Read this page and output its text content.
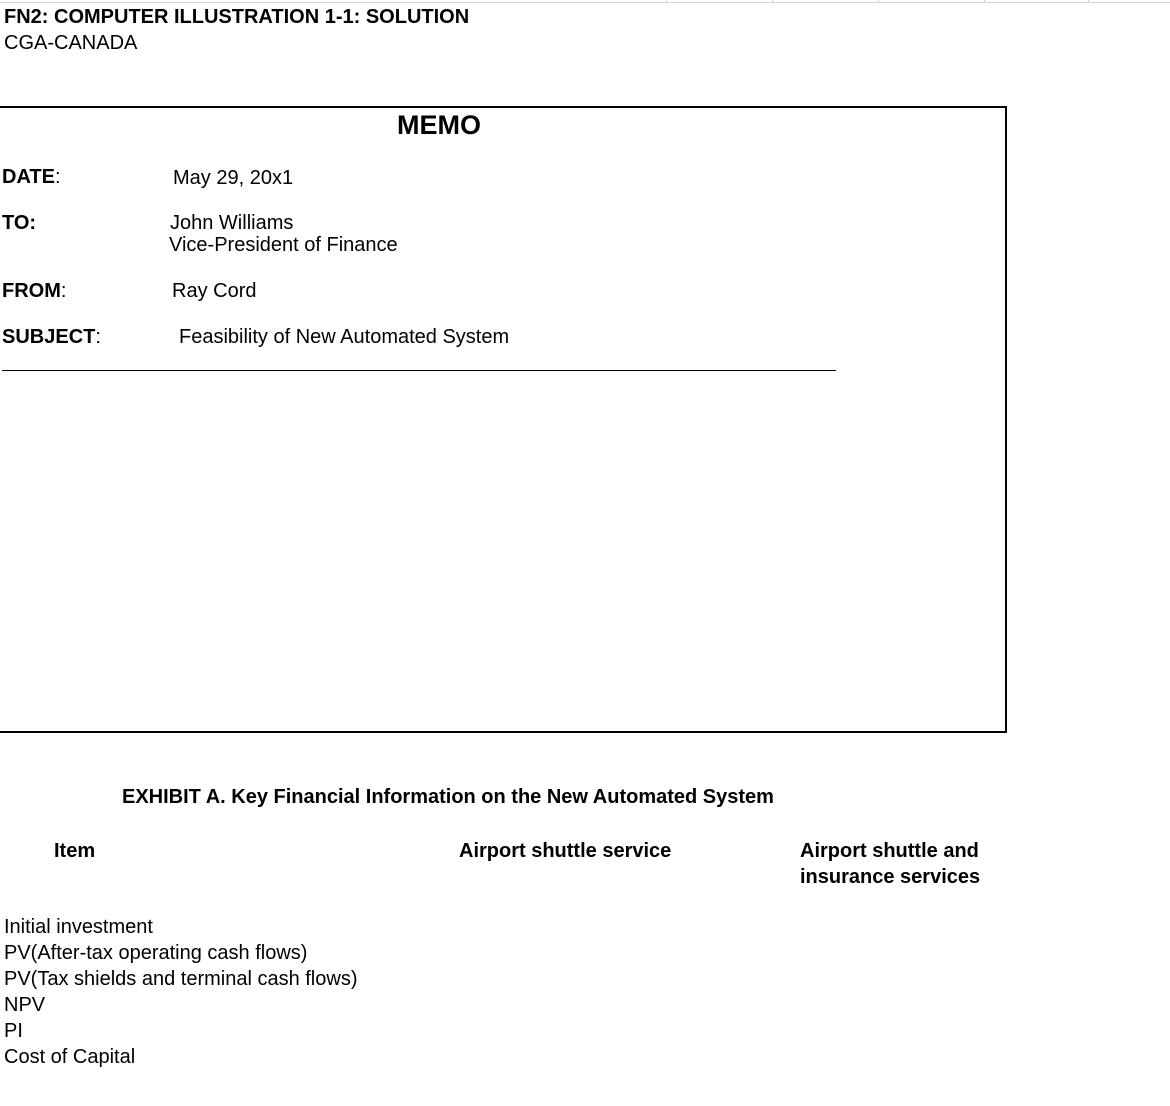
FN2: COMPUTER ILLUSTRATION 1-1: SOLUTION
CGA-CANADA
MEMO
DATE:	May 29, 20x1
TO:	John Williams
Vice-President of Finance
FROM:	Ray Cord
SUBJECT:	Feasibility of New Automated System
EXHIBIT A. Key Financial Information on the New Automated System
Item	Airport shuttle service	Airport shuttle and insurance services
Initial investment
PV(After-tax operating cash flows)
PV(Tax shields and terminal cash flows)
NPV
PI
Cost of Capital
